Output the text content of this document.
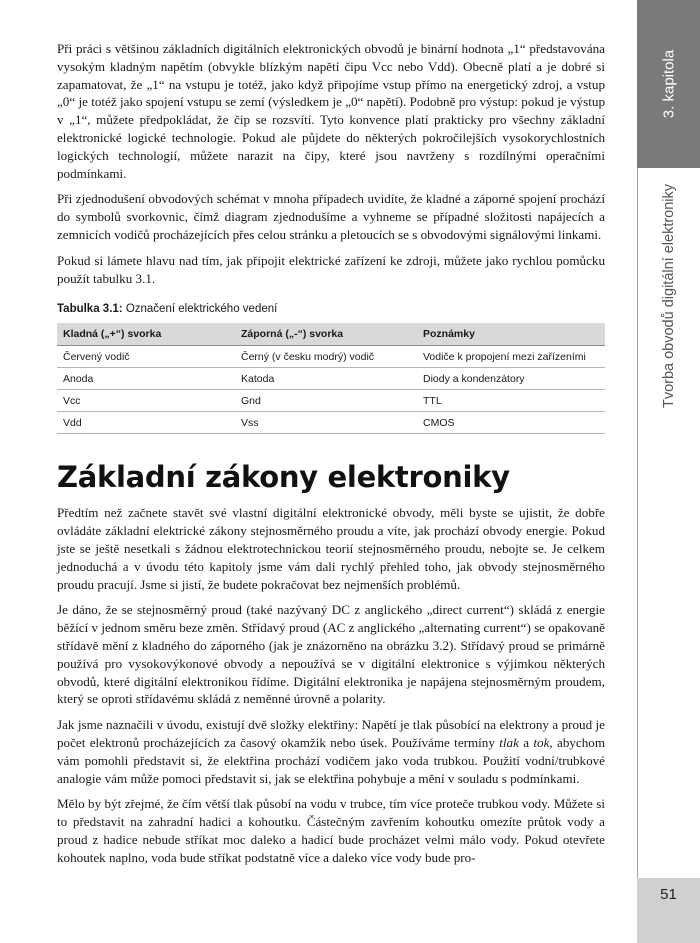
Při práci s většinou základních digitálních elektronických obvodů je binární hodnota „1“ představována vysokým kladným napětím (obvykle blízkým napětí čipu Vcc nebo Vdd). Obecně platí a je dobré si zapamatovat, že „1“ na vstupu je totéž, jako když připojíme vstup přímo na energetický zdroj, a vstup „0“ je totéž jako spojení vstupu se zemí (výsledkem je „0“ napětí). Podobně pro výstup: pokud je výstup v „1“, můžete předpokládat, že čip se rozsvítí. Tyto konvence platí prakticky pro všechny základní elektronické logické technologie. Pokud ale půjdete do některých pokročilejších vysokorychlostních logických technologií, můžete narazit na čipy, které jsou navrženy s rozdílnými operačními podmínkami.

Při zjednodušení obvodových schémat v mnoha případech uvidíte, že kladné a záporné spojení prochází do symbolů svorkovnic, čímž diagram zjednodušíme a vyhneme se případné složitosti napájecích a zemnicích vodičů procházejících přes celou stránku a pletoucích se s obvodovými signálovými linkami.

Pokud si lámete hlavu nad tím, jak připojit elektrické zařízení ke zdroji, můžete jako rychlou pomůcku použít tabulku 3.1.

Tabulka 3.1: Označení elektrického vedení
Kladná („+“) svorka	Záporná („-“) svorka	Poznámky
Červený vodič	Černý (v česku modrý) vodič	Vodiče k propojení mezi zařízeními
Anoda	Katoda	Diody a kondenzátory
Vcc	Gnd	TTL
Vdd	Vss	CMOS
Základní zákony elektroniky

Předtím než začnete stavět své vlastní digitální elektronické obvody, měli byste se ujistit, že dobře ovládáte základní elektrické zákony stejnosměrného proudu a víte, jak prochází obvody energie. Pokud jste se ještě nesetkali s žádnou elektrotechnickou teorií stejnosměrného proudu, nebojte se. Je celkem jednoduchá a v úvodu této kapitoly jsme vám dali rychlý přehled toho, jak obvody stejnosměrného proudu pracují. Jsme si jistí, že budete pokračovat bez nejmenších problémů.

Je dáno, že se stejnosměrný proud (také nazývaný DC z anglického „direct current“) skládá z energie běžící v jednom směru beze změn. Střídavý proud (AC z anglického „alternating current“) se opakovaně střídavě mění z kladného do záporného (jak je znázorněno na obrázku 3.2). Střídavý proud se primárně používá pro vysokovýkonové obvody a nepoužívá se v digitální elektronice s výjimkou některých obvodů, které digitální elektronikou řídíme. Digitální elektronika je napájena stejnosměrným proudem, který se oproti střídavému skládá z neměnné úrovně a polarity.

Jak jsme naznačili v úvodu, existují dvě složky elektřiny: Napětí je tlak působící na elektrony a proud je počet elektronů procházejících za časový okamžik nebo úsek. Používáme termíny tlak a tok, abychom vám pomohli představit si, že elektřina prochází vodičem jako voda trubkou. Použití vodní/trubkové analogie vám může pomoci představit si, jak se elektřina pohybuje a mění v souladu s podmínkami.

Mělo by být zřejmé, že čím větší tlak působí na vodu v trubce, tím více proteče trubkou vody. Můžete si to představit na zahradní hadici a kohoutku. Částečným zavřením kohoutku omezíte průtok vody a proud z hadice nebude stříkat moc daleko a hadicí bude procházet velmi málo vody. Pokud otevřete kohoutek naplno, voda bude stříkat podstatně více a daleko více vody bude pro-

3. kapitola
Tvorba obvodů digitální elektroniky
51
